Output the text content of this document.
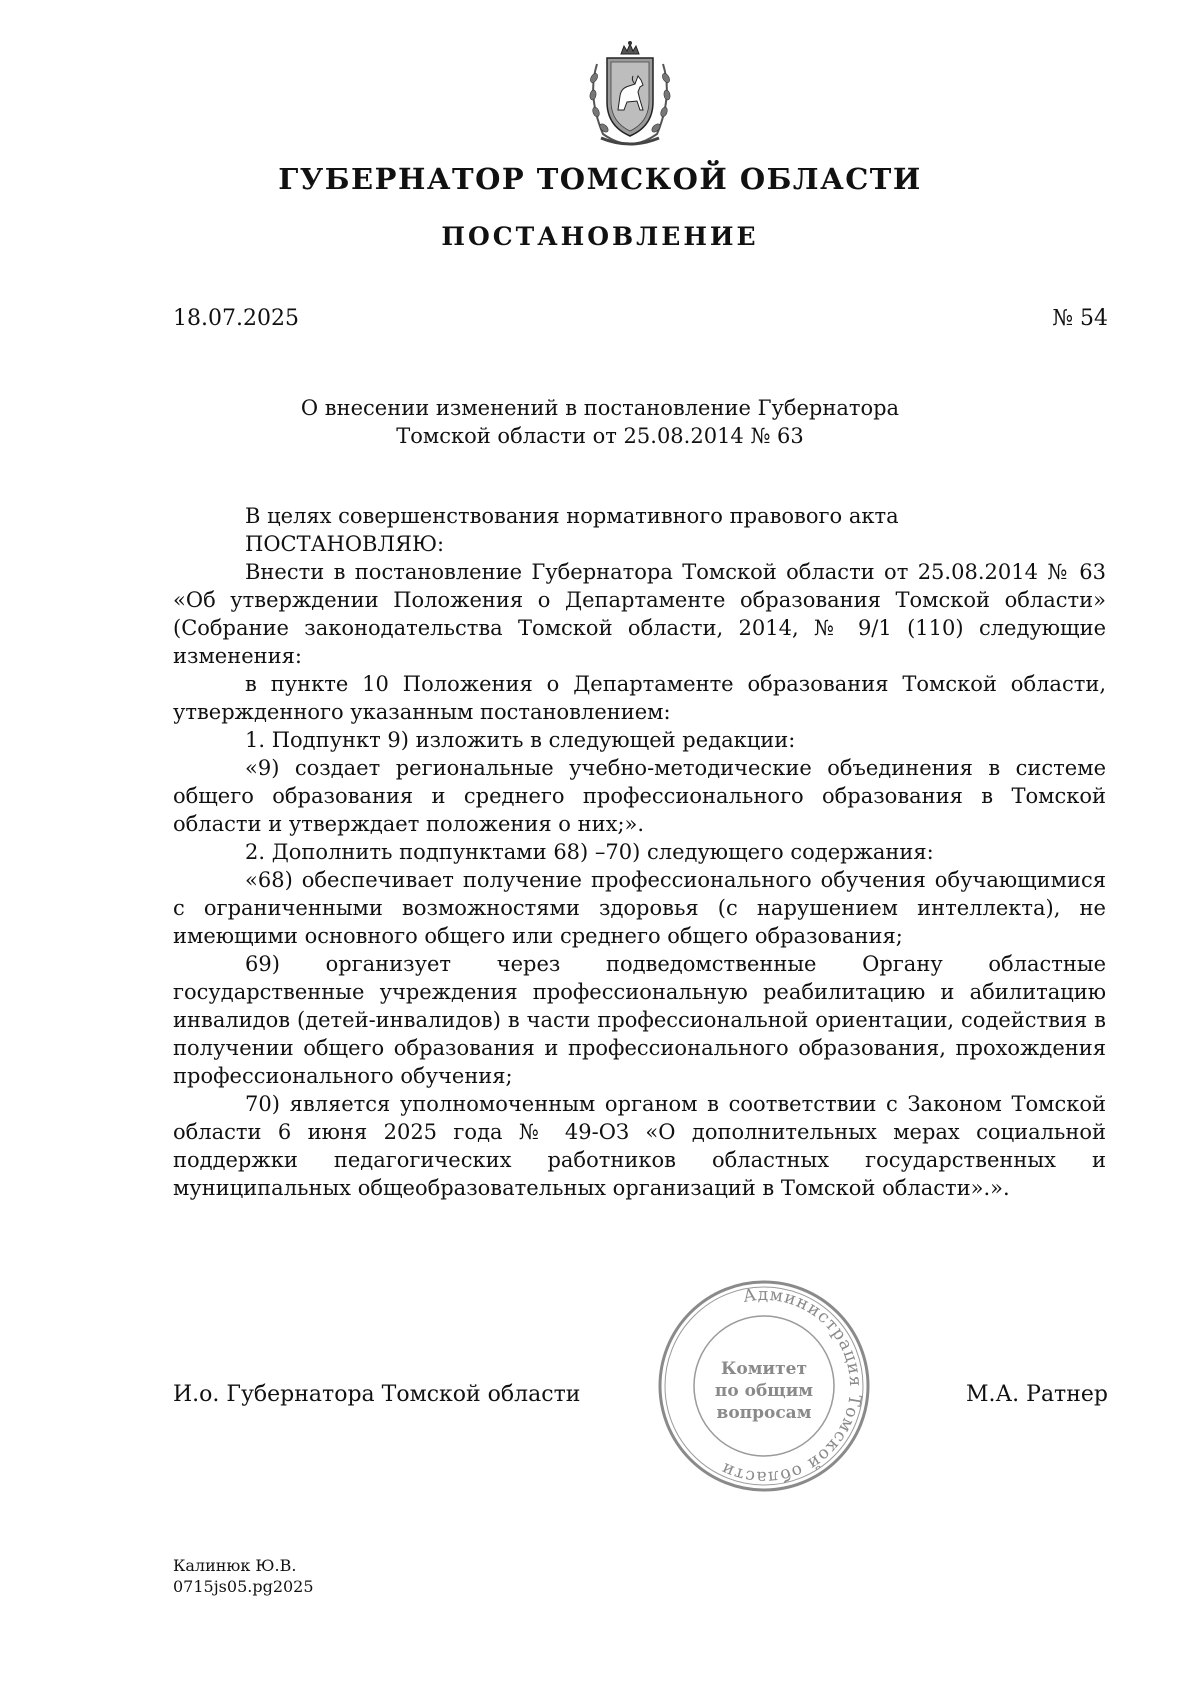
ГУБЕРНАТОР ТОМСКОЙ ОБЛАСТИ
ПОСТАНОВЛЕНИЕ
18.07.2025	№ 54
О внесении изменений в постановление Губернатора
Томской области от 25.08.2014 № 63

В целях совершенствования нормативного правового акта

ПОСТАНОВЛЯЮ:

Внести в постановление Губернатора Томской области от 25.08.2014 № 63 «Об утверждении Положения о Департаменте образования Томской области» (Собрание законодательства Томской области, 2014, № 9/1 (110) следующие изменения:

в пункте 10 Положения о Департаменте образования Томской области, утвержденного указанным постановлением:

1. Подпункт 9) изложить в следующей редакции:

«9) создает региональные учебно-методические объединения в системе общего образования и среднего профессионального образования в Томской области и утверждает положения о них;».

2. Дополнить подпунктами 68) –70) следующего содержания:

«68) обеспечивает получение профессионального обучения обучающимися с ограниченными возможностями здоровья (с нарушением интеллекта), не имеющими основного общего или среднего общего образования;

69) организует через подведомственные Органу областные государственные учреждения профессиональную реабилитацию и абилитацию инвалидов (детей-инвалидов) в части профессиональной ориентации, содействия в получении общего образования и профессионального образования, прохождения профессионального обучения;

70) является уполномоченным органом в соответствии с Законом Томской области 6 июня 2025 года № 49-ОЗ «О дополнительных мерах социальной поддержки педагогических работников областных государственных и муниципальных общеобразовательных организаций в Томской области».».

И.о. Губернатора Томской области
Администрация Томской области
Комитет
по общим
вопросам
М.А. Ратнер
Калинюк Ю.В.
0715js05.pg2025
